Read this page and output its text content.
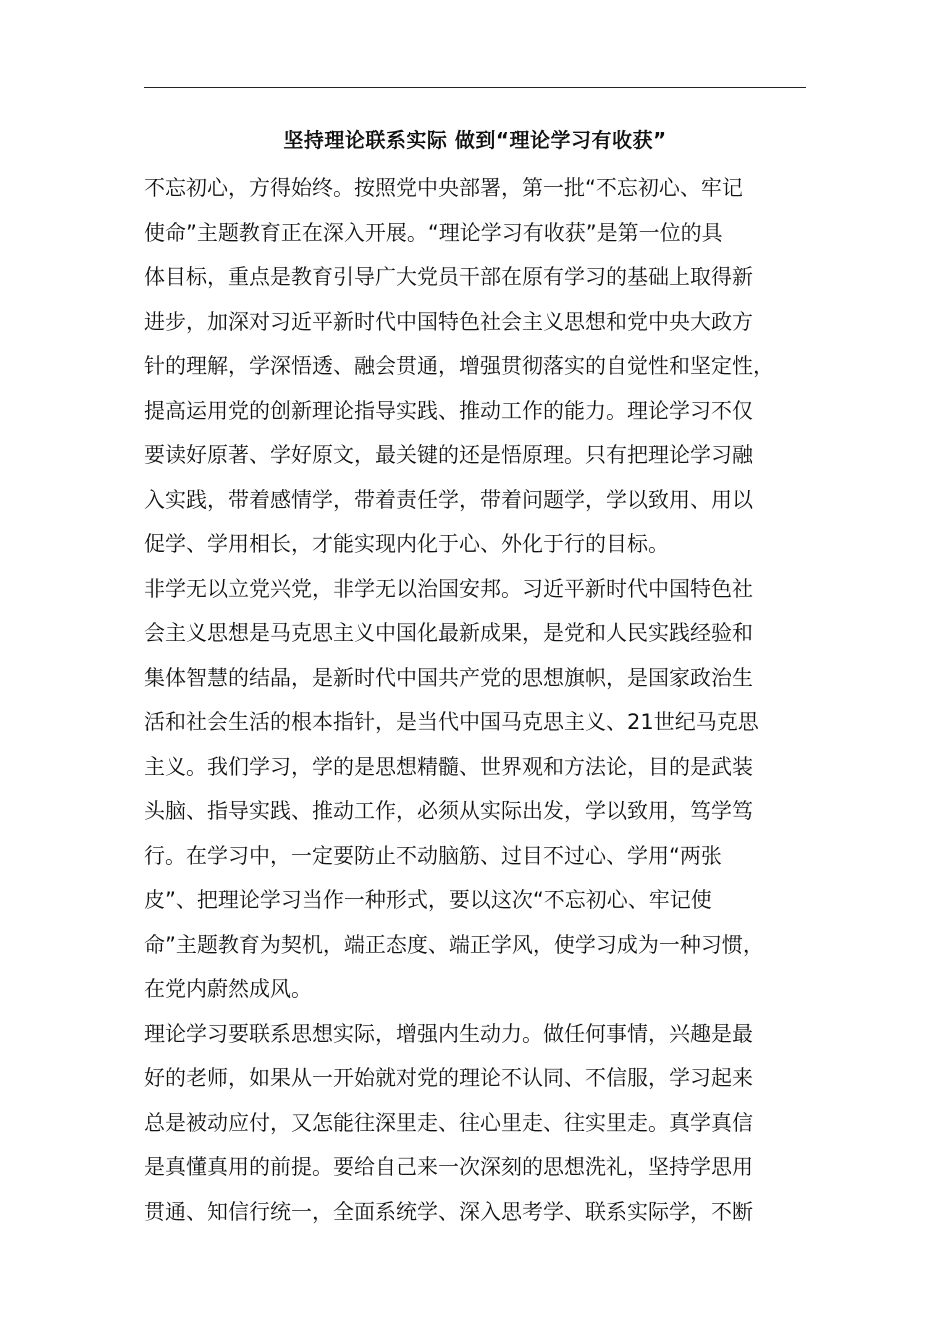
坚持理论联系实际 做到“理论学习有收获”

不忘初心，方得始终。按照党中央部署，第一批“不忘初心、牢记
使命”主题教育正在深入开展。“理论学习有收获”是第一位的具
体目标，重点是教育引导广大党员干部在原有学习的基础上取得新
进步，加深对习近平新时代中国特色社会主义思想和党中央大政方
针的理解，学深悟透、融会贯通，增强贯彻落实的自觉性和坚定性，
提高运用党的创新理论指导实践、推动工作的能力。理论学习不仅
要读好原著、学好原文，最关键的还是悟原理。只有把理论学习融
入实践，带着感情学，带着责任学，带着问题学，学以致用、用以
促学、学用相长，才能实现内化于心、外化于行的目标。

非学无以立党兴党，非学无以治国安邦。习近平新时代中国特色社
会主义思想是马克思主义中国化最新成果，是党和人民实践经验和
集体智慧的结晶，是新时代中国共产党的思想旗帜，是国家政治生
活和社会生活的根本指针，是当代中国马克思主义、21世纪马克思
主义。我们学习，学的是思想精髓、世界观和方法论，目的是武装
头脑、指导实践、推动工作，必须从实际出发，学以致用，笃学笃
行。在学习中，一定要防止不动脑筋、过目不过心、学用“两张
皮”、把理论学习当作一种形式，要以这次“不忘初心、牢记使
命”主题教育为契机，端正态度、端正学风，使学习成为一种习惯，
在党内蔚然成风。

理论学习要联系思想实际，增强内生动力。做任何事情，兴趣是最
好的老师，如果从一开始就对党的理论不认同、不信服，学习起来
总是被动应付，又怎能往深里走、往心里走、往实里走。真学真信
是真懂真用的前提。要给自己来一次深刻的思想洗礼，坚持学思用
贯通、知信行统一，全面系统学、深入思考学、联系实际学，不断
